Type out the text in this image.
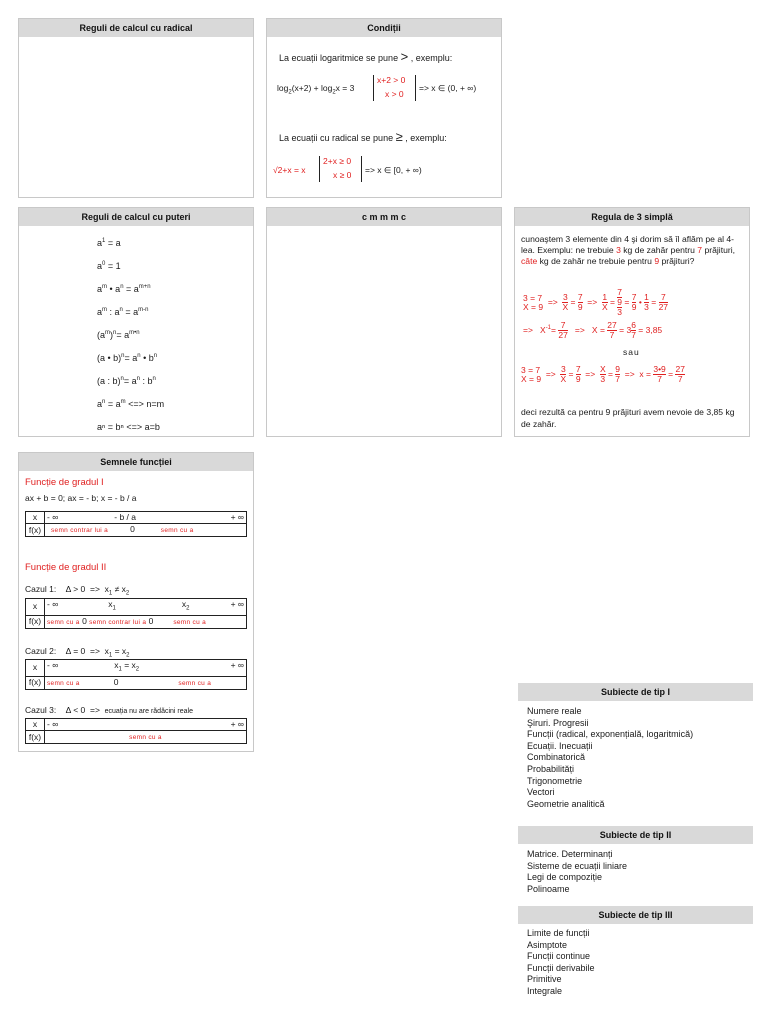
Reguli de calcul cu radical	Condiții
La ecuații logaritmice se pune > , exemplu:
$\log_2(x+2) + \log_2x = 3$
x+2 > 0
x > 0
=> x ∈ (0, + ∞)
La ecuații cu radical se pune ≥ , exemplu:
√2+x = x
2+x ≥ 0
x ≥ 0 => x ∈ [0, + ∞)
Reguli de calcul cu puteri
$a^1 = a$
$a^0 = 1$
$a^m$ • $a^n = a^{m+n}$
$a^m$ : $a^n = a^{m-n}$
$(a^m)^n= a^{m•n}$
(a • $b)^n= a^n$ • $b^n$
(a : $b)^n= a^n$ : $b^n$
$a^n = a^m$ <=> n=m
aⁿ = bⁿ <=> a=b
c m m m c	Regula de 3 simplă
cunoaştem 3 elemente din 4 şi dorim să îl aflăm pe al 4-lea. Exemplu: ne trebuie 3 kg de zahăr pentru 7 prăjituri, câte kg de zahăr ne trebuie pentru 9 prăjituri?
3 = 7
$X = 9 => \frac{3}{X} = \frac{7}{9} => \frac{1}{X} = 7$
9
$3 = \frac{7}{9}$ • $\frac{1}{3} = \frac{7}{27}$
=>   $X^{-1}= \frac{7}{27} => X = \frac{27}{7} = 3 \frac{6}{7} = 3,85$
sau
3 = 7
$X = 9 => \frac{3}{X} = \frac{7}{9} => \frac{X}{3} = \frac{9}{7} => x = \frac{3•9}{7} = \frac{27}{7}$
deci rezultă ca pentru 9 prăjituri avem nevoie de 3,85 kg de zahăr.
Semnele funcției
Funcție de gradul I
ax + b = 0; ax = - b; x = - b / a
x	- ∞ - b / a + ∞

f(x)	semn contrar lui a 0 semn cu a
Funcție de gradul II
Cazul 1:    $\Delta > 0 => x_1 \ne x_2$
x	- ∞ $x_1$ $x_2$ + ∞

f(x)	semn cu a 0 semn contrar lui a 0 semn cu a
Cazul 2:    $\Delta = 0 => x_1 = x_2$
x	- ∞ $x_1 = x_2$ + ∞

f(x)	semn cu a 0 semn cu a
Cazul 3:    Δ < 0  =>  ecuația nu are rădăcini reale
x	- ∞ + ∞

f(x)	semn cu a
Subiecte de tip I
Numere reale
Şiruri. Progresii
Funcții (radical, exponențială, logaritmică)
Ecuații. Inecuații
Combinatorică
Probabilități
Trigonometrie
Vectori
Geometrie analitică
Subiecte de tip II
Matrice. Determinanți
Sisteme de ecuații liniare
Legi de compoziție
Polinoame
Subiecte de tip III
Limite de funcții
Asimptote
Funcții continue
Funcții derivabile
Primitive
Integrale
